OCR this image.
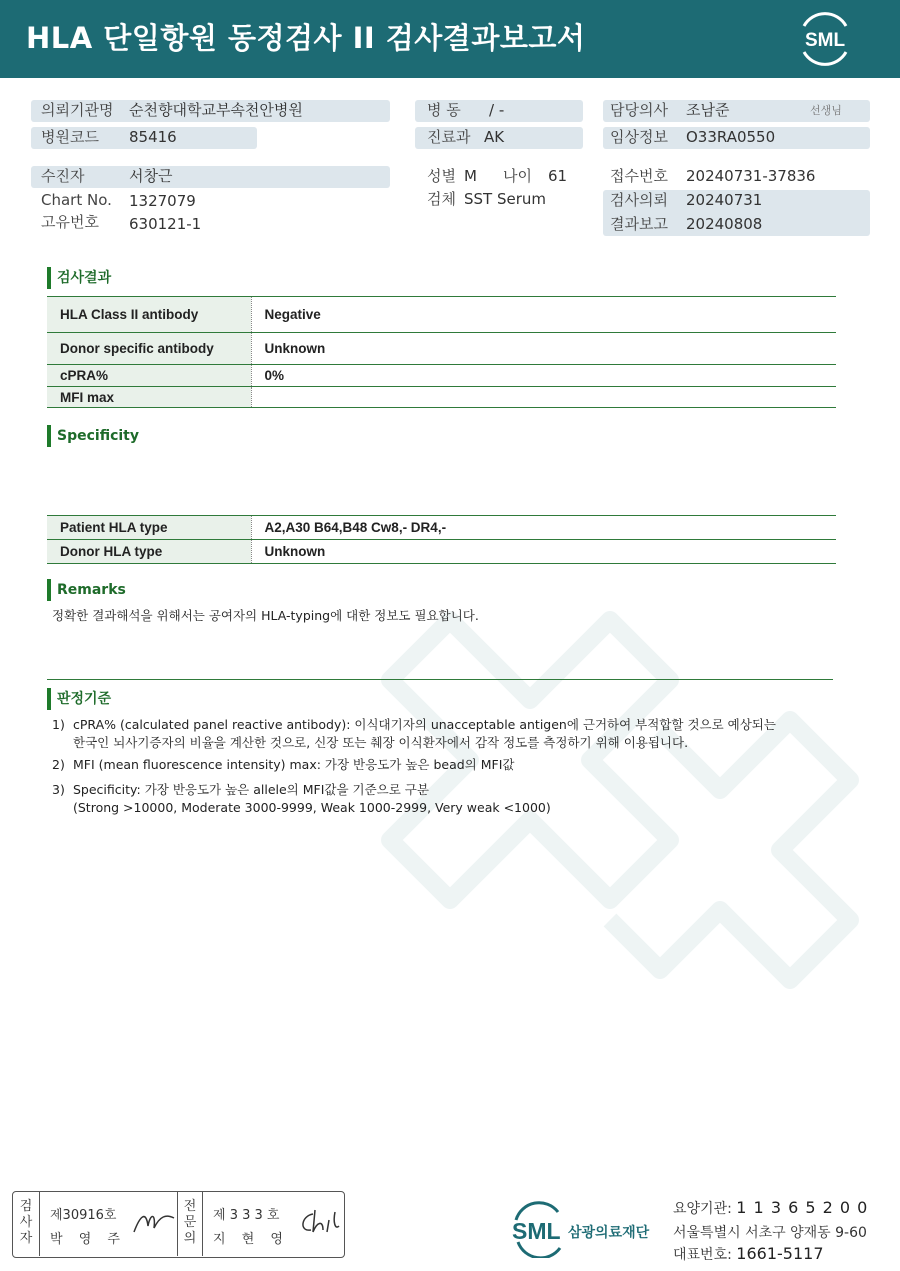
HLA 단일항원 동정검사 II 검사결과보고서	SML
의뢰기관명 순천향대학교부속천안병원
병원코드 85416
병 동 / -
진료과 AK
담당의사 조남준	선생님
임상정보 O33RA0550
수진자	서창근
Chart No. 1327079
고유번호 630121-1
성별 M 나이 61
검체 SST Serum
접수번호 20240731-37836
검사의뢰 20240731
결과보고 20240808
검사결과
HLA Class II antibody	Negative
Donor specific antibody	Unknown
cPRA%	0%
MFI max	
Specificity
Patient HLA type	A2,A30 B64,B48 Cw8,- DR4,-
Donor HLA type	Unknown
Remarks
정확한 결과해석을 위해서는 공여자의 HLA-typing에 대한 정보도 필요합니다.
판정기준
1) cPRA% (calculated panel reactive antibody): 이식대기자의 unacceptable antigen에 근거하여 부적합할 것으로 예상되는
한국인 뇌사기증자의 비율을 계산한 것으로, 신장 또는 췌장 이식환자에서 감작 정도를 측정하기 위해 이용됩니다.
2) MFI (mean fluorescence intensity) max: 가장 반응도가 높은 bead의 MFI값
3) Specificity: 가장 반응도가 높은 allele의 MFI값을 기준으로 구분
(Strong >10000, Moderate 3000-9999, Weak 1000-2999, Very weak <1000)
검사자
제30916호
박 영 주
전문의
제 3 3 3 호
지 현 영	SML 삼광의료재단
요양기관: 1 1 3 6 5 2 0 0
서울특별시 서초구 양재동 9-60
대표번호: 1661-5117
